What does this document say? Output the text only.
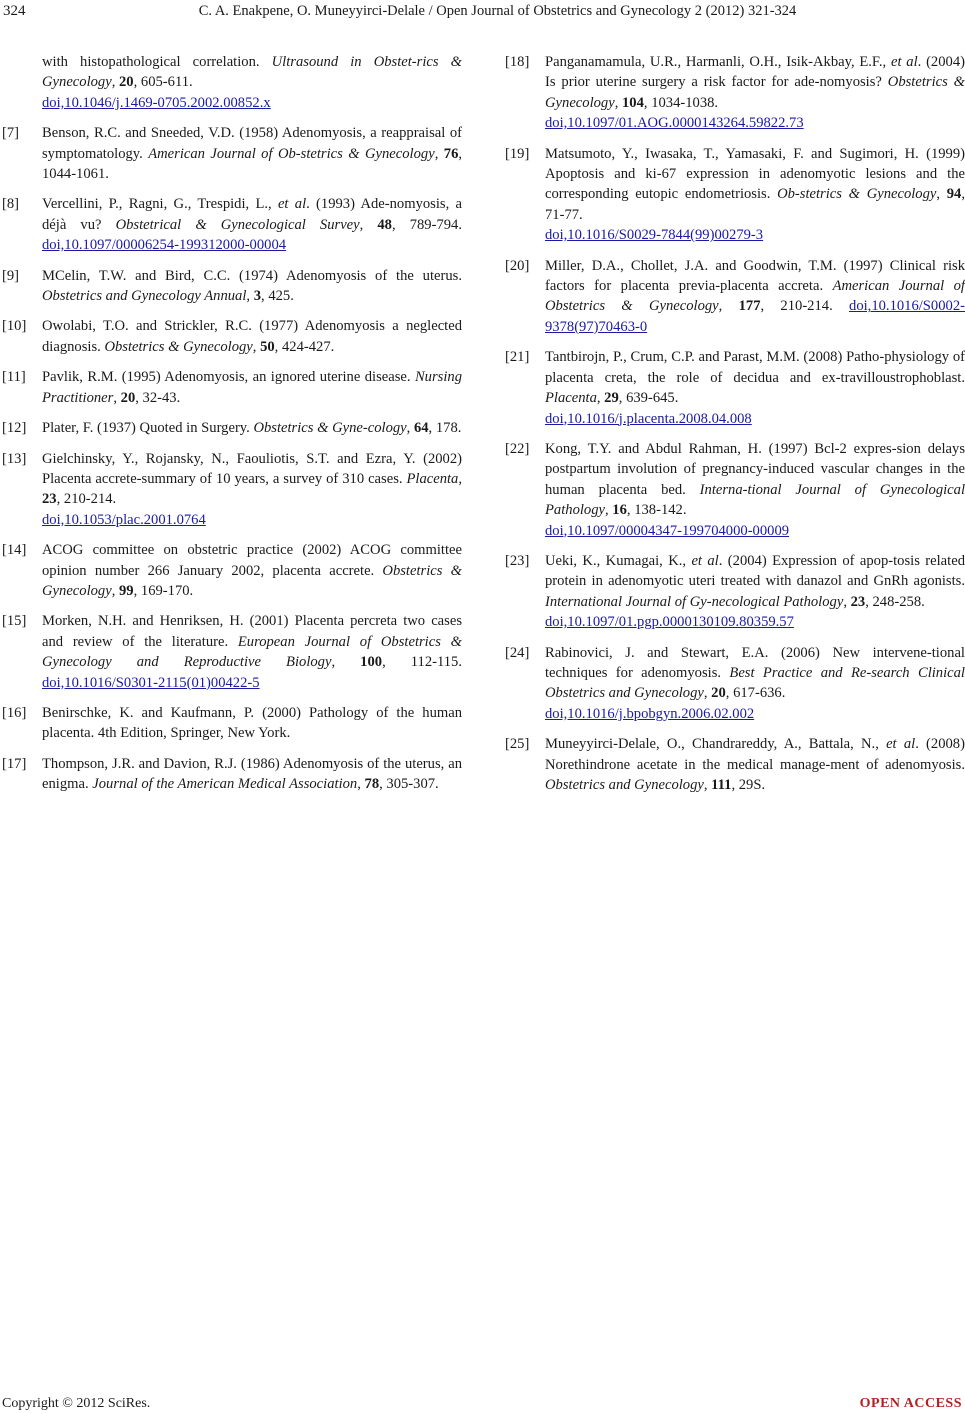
324	C. A. Enakpene, O. Muneyyirci-Delale / Open Journal of Obstetrics and Gynecology 2 (2012) 321-324
with histopathological correlation. Ultrasound in Obstet-rics & Gynecology, 20, 605-611.
doi,10.1046/j.1469-0705.2002.00852.x
[7] Benson, R.C. and Sneeded, V.D. (1958) Adenomyosis, a reappraisal of symptomatology. American Journal of Ob-stetrics & Gynecology, 76, 1044-1061.
[8] Vercellini, P., Ragni, G., Trespidi, L., et al. (1993) Ade-nomyosis, a déjà vu? Obstetrical & Gynecological Survey, 48, 789-794. doi,10.1097/00006254-199312000-00004
[9] MCelin, T.W. and Bird, C.C. (1974) Adenomyosis of the uterus. Obstetrics and Gynecology Annual, 3, 425.
[10] Owolabi, T.O. and Strickler, R.C. (1977) Adenomyosis a neglected diagnosis. Obstetrics & Gynecology, 50, 424-427.
[11] Pavlik, R.M. (1995) Adenomyosis, an ignored uterine disease. Nursing Practitioner, 20, 32-43.
[12] Plater, F. (1937) Quoted in Surgery. Obstetrics & Gyne-cology, 64, 178.
[13] Gielchinsky, Y., Rojansky, N., Faouliotis, S.T. and Ezra, Y. (2002) Placenta accrete-summary of 10 years, a survey of 310 cases. Placenta, 23, 210-214.
doi,10.1053/plac.2001.0764
[14] ACOG committee on obstetric practice (2002) ACOG committee opinion number 266 January 2002, placenta accrete. Obstetrics & Gynecology, 99, 169-170.
[15] Morken, N.H. and Henriksen, H. (2001) Placenta percreta two cases and review of the literature. European Journal of Obstetrics & Gynecology and Reproductive Biology, 100, 112-115. doi,10.1016/S0301-2115(01)00422-5
[16] Benirschke, K. and Kaufmann, P. (2000) Pathology of the human placenta. 4th Edition, Springer, New York.
[17] Thompson, J.R. and Davion, R.J. (1986) Adenomyosis of the uterus, an enigma. Journal of the American Medical Association, 78, 305-307.
[18] Panganamamula, U.R., Harmanli, O.H., Isik-Akbay, E.F., et al. (2004) Is prior uterine surgery a risk factor for ade-nomyosis? Obstetrics & Gynecology, 104, 1034-1038.
doi,10.1097/01.AOG.0000143264.59822.73
[19] Matsumoto, Y., Iwasaka, T., Yamasaki, F. and Sugimori, H. (1999) Apoptosis and ki-67 expression in adenomyotic lesions and the corresponding eutopic endometriosis. Ob-stetrics & Gynecology, 94, 71-77.
doi,10.1016/S0029-7844(99)00279-3
[20] Miller, D.A., Chollet, J.A. and Goodwin, T.M. (1997) Clinical risk factors for placenta previa-placenta accreta. American Journal of Obstetrics & Gynecology, 177, 210-214. doi,10.1016/S0002-9378(97)70463-0
[21] Tantbirojn, P., Crum, C.P. and Parast, M.M. (2008) Patho-physiology of placenta creta, the role of decidua and ex-travilloustrophoblast. Placenta, 29, 639-645.
doi,10.1016/j.placenta.2008.04.008
[22] Kong, T.Y. and Abdul Rahman, H. (1997) Bcl-2 expres-sion delays postpartum involution of pregnancy-induced vascular changes in the human placenta bed. Interna-tional Journal of Gynecological Pathology, 16, 138-142.
doi,10.1097/00004347-199704000-00009
[23] Ueki, K., Kumagai, K., et al. (2004) Expression of apop-tosis related protein in adenomyotic uteri treated with danazol and GnRh agonists. International Journal of Gy-necological Pathology, 23, 248-258.
doi,10.1097/01.pgp.0000130109.80359.57
[24] Rabinovici, J. and Stewart, E.A. (2006) New intervene-tional techniques for adenomyosis. Best Practice and Re-search Clinical Obstetrics and Gynecology, 20, 617-636.
doi,10.1016/j.bpobgyn.2006.02.002
[25] Muneyyirci-Delale, O., Chandrareddy, A., Battala, N., et al. (2008) Norethindrone acetate in the medical manage-ment of adenomyosis. Obstetrics and Gynecology, 111, 29S.
Copyright © 2012 SciRes.	OPEN ACCESS
